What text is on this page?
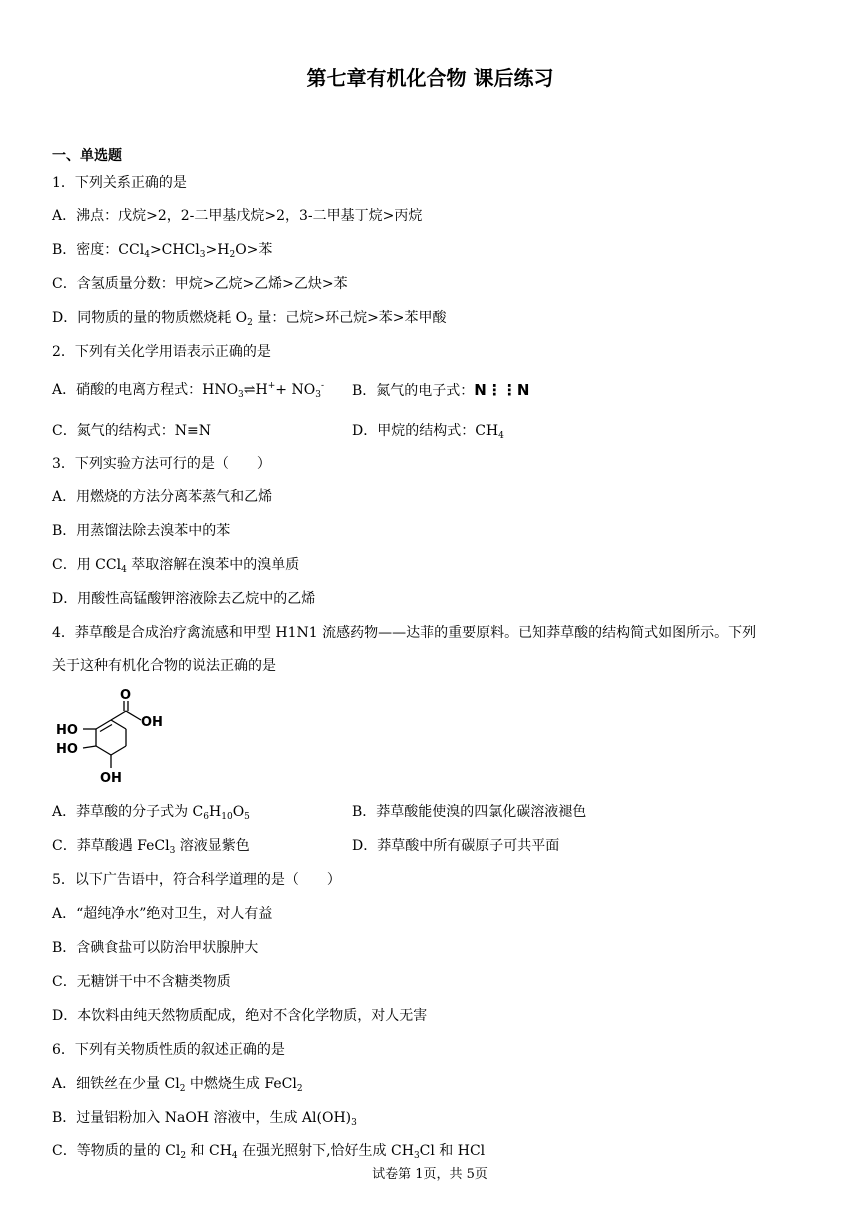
第七章有机化合物 课后练习
一、单选题
1．下列关系正确的是
A．沸点：戊烷>2，2-二甲基戊烷>2，3-二甲基丁烷>丙烷
B．密度：$CCl_4>CHCl_3>H_2O>$苯
C．含氢质量分数：甲烷>乙烷>乙烯>乙炔>苯
D．同物质的量的物质燃烧耗 $O_2$ 量：己烷>环己烷>苯>苯甲酸
2．下列有关化学用语表示正确的是
A．硝酸的电离方程式：$HNO_3\rightleftharpoons H^++ NO_3^-$ B．氮气的电子式：N⋮⋮N
C．氮气的结构式：N≡N	D．甲烷的结构式：$CH_4$
3．下列实验方法可行的是（　　）
A．用燃烧的方法分离苯蒸气和乙烯
B．用蒸馏法除去溴苯中的苯
C．用 CCl$_4$ 萃取溶解在溴苯中的溴单质
D．用酸性高锰酸钾溶液除去乙烷中的乙烯
4．莽草酸是合成治疗禽流感和甲型 H1N1 流感药物——达菲的重要原料。已知莽草酸的结构简式如图所示。下列
关于这种有机化合物的说法正确的是
O
OH
HO
HO
OH
A．莽草酸的分子式为 $C_6H_{10}O_5$	B．莽草酸能使溴的四氯化碳溶液褪色
C．莽草酸遇 FeCl$_3$ 溶液显紫色	D．莽草酸中所有碳原子可共平面
5．以下广告语中，符合科学道理的是（　　）
A．“超纯净水”绝对卫生，对人有益
B．含碘食盐可以防治甲状腺肿大
C．无糖饼干中不含糖类物质
D．本饮料由纯天然物质配成，绝对不含化学物质，对人无害
6．下列有关物质性质的叙述正确的是
A．细铁丝在少量 $Cl_2$ 中燃烧生成 FeCl$_2$
B．过量铝粉加入 NaOH 溶液中，生成 $Al(OH)_3$
C．等物质的量的 $Cl_2$ 和 $CH_4$ 在强光照射下,恰好生成 $CH_3Cl$ 和 HCl
试卷第 1页，共 5页
